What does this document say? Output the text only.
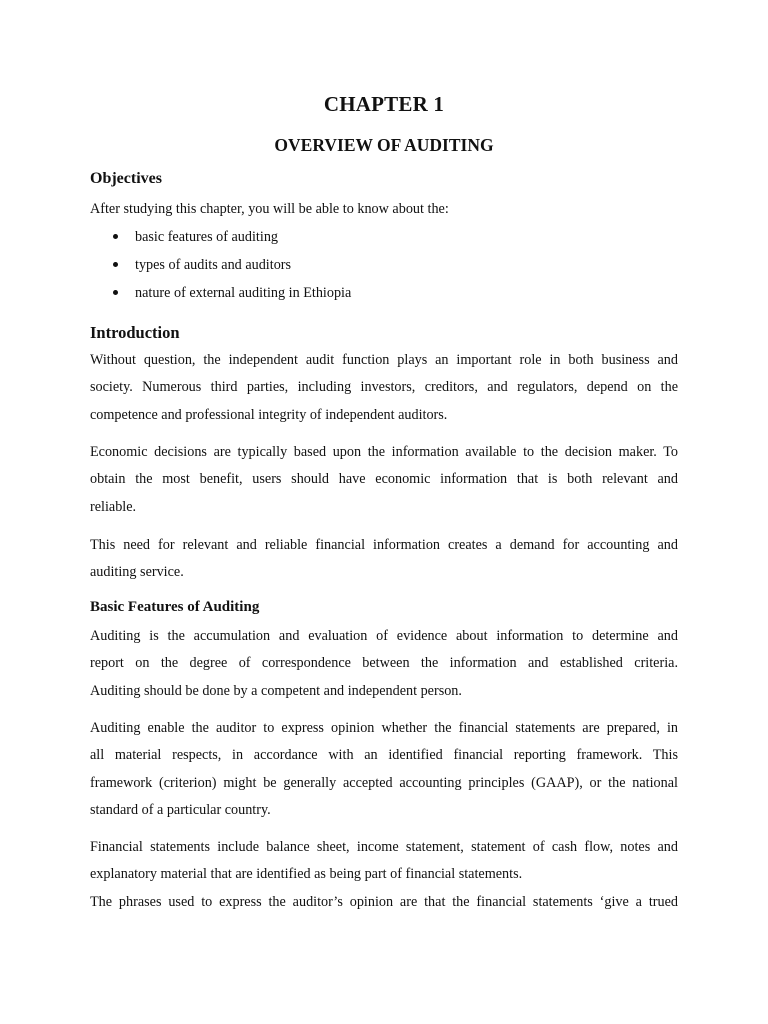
CHAPTER 1
OVERVIEW OF AUDITING
Objectives
After studying this chapter, you will be able to know about the:
basic features of auditing
types of audits and auditors
nature of external auditing in Ethiopia
Introduction

Without question, the independent audit function plays an important role in both business and
society. Numerous third parties, including investors, creditors, and regulators, depend on the
competence and professional integrity of independent auditors.

Economic decisions are typically based upon the information available to the decision maker. To
obtain the most benefit, users should have economic information that is both relevant and
reliable.

This need for relevant and reliable financial information creates a demand for accounting and
auditing service.

Basic Features of Auditing

Auditing is the accumulation and evaluation of evidence about information to determine and
report on the degree of correspondence between the information and established criteria.
Auditing should be done by a competent and independent person.

Auditing enable the auditor to express opinion whether the financial statements are prepared, in
all material respects, in accordance with an identified financial reporting framework. This
framework (criterion) might be generally accepted accounting principles (GAAP), or the national
standard of a particular country.

Financial statements include balance sheet, income statement, statement of cash flow, notes and
explanatory material that are identified as being part of financial statements.
The phrases used to express the auditor’s opinion are that the financial statements ‘give a trued
